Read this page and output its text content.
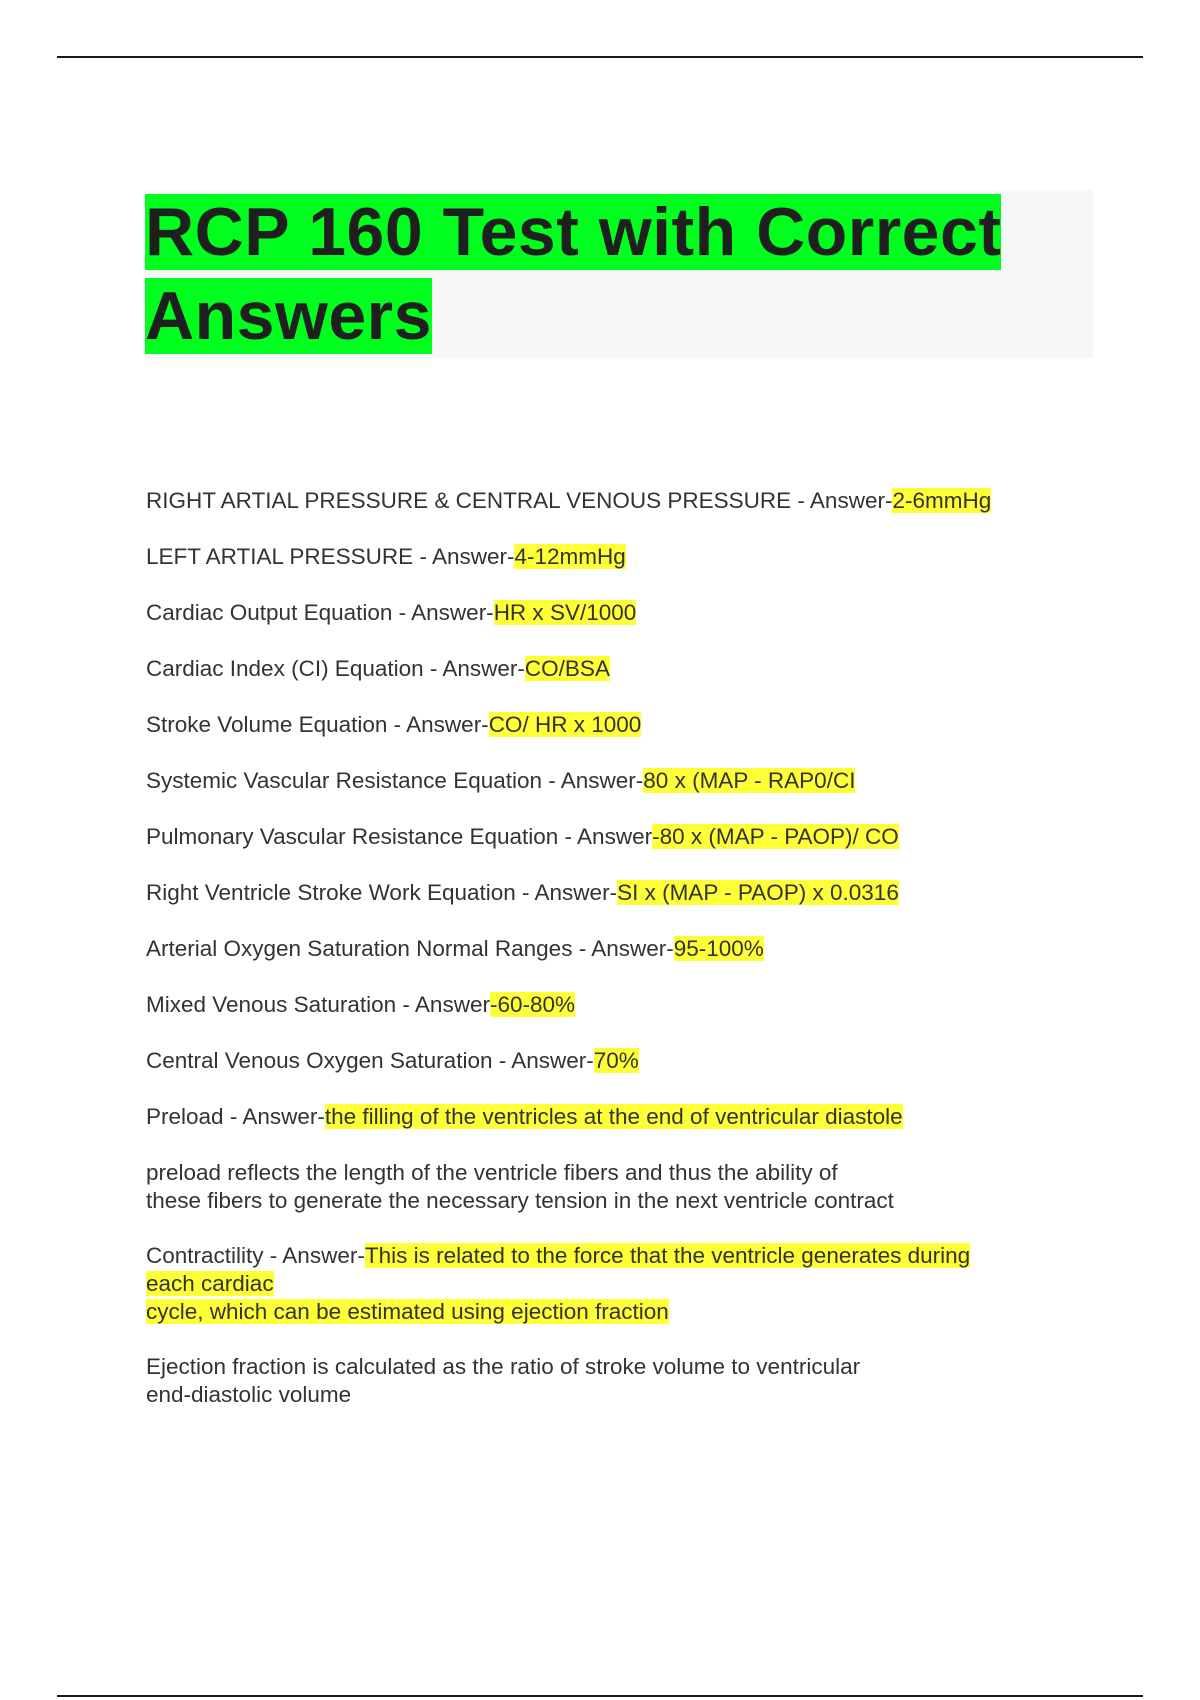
RCP 160 Test with Correct
Answers

RIGHT ARTIAL PRESSURE & CENTRAL VENOUS PRESSURE - Answer-2-6mmHg

LEFT ARTIAL PRESSURE - Answer-4-12mmHg

Cardiac Output Equation - Answer-HR x SV/1000

Cardiac Index (CI) Equation - Answer-CO/BSA

Stroke Volume Equation - Answer-CO/ HR x 1000

Systemic Vascular Resistance Equation - Answer-80 x (MAP - RAP0/CI

Pulmonary Vascular Resistance Equation - Answer-80 x (MAP - PAOP)/ CO

Right Ventricle Stroke Work Equation - Answer-SI x (MAP - PAOP) x 0.0316

Arterial Oxygen Saturation Normal Ranges - Answer-95-100%

Mixed Venous Saturation - Answer-60-80%

Central Venous Oxygen Saturation - Answer-70%

Preload - Answer-the filling of the ventricles at the end of ventricular diastole

preload reflects the length of the ventricle fibers and thus the ability of
these fibers to generate the necessary tension in the next ventricle contract

Contractility - Answer-This is related to the force that the ventricle generates during
each cardiac
cycle, which can be estimated using ejection fraction

Ejection fraction is calculated as the ratio of stroke volume to ventricular
end-diastolic volume
